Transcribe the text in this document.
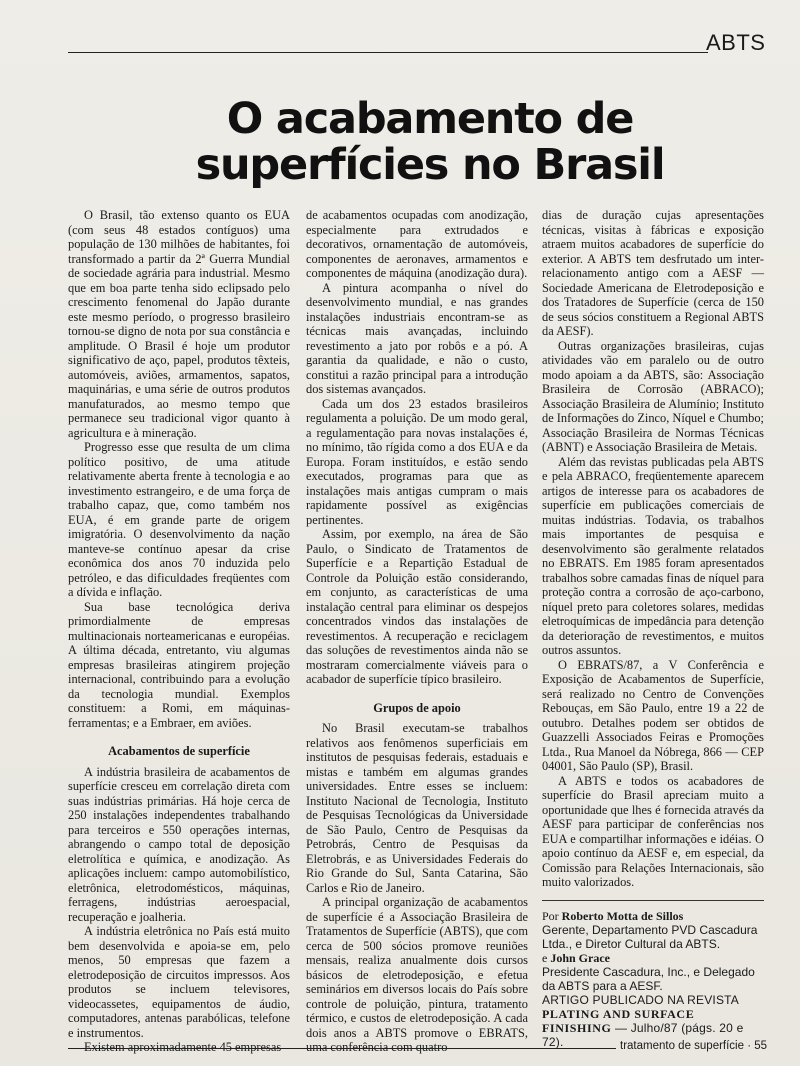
ABTS
O acabamento de
superfícies no Brasil

O Brasil, tão extenso quanto os EUA (com seus 48 estados contíguos) uma população de 130 milhões de habitantes, foi transformado a partir da 2ª Guerra Mundial de sociedade agrária para industrial. Mesmo que em boa parte tenha sido eclipsado pelo crescimento fenomenal do Japão durante este mesmo período, o progresso brasileiro tornou-se digno de nota por sua constância e amplitude. O Brasil é hoje um produtor significativo de aço, papel, produtos têxteis, automóveis, aviões, armamentos, sapatos, maquinárias, e uma série de outros produtos manufaturados, ao mesmo tempo que permanece seu tradicional vigor quanto à agricultura e à mineração.

Progresso esse que resulta de um clima político positivo, de uma atitude relativamente aberta frente à tecnologia e ao investimento estrangeiro, e de uma força de trabalho capaz, que, como também nos EUA, é em grande parte de origem imigratória. O desenvolvimento da nação manteve-se contínuo apesar da crise econômica dos anos 70 induzida pelo petróleo, e das dificuldades freqüentes com a dívida e inflação.

Sua base tecnológica deriva primordialmente de empresas multinacionais norteamericanas e européias. A última década, entretanto, viu algumas empresas brasileiras atingirem projeção internacional, contribuindo para a evolução da tecnologia mundial. Exemplos constituem: a Romi, em máquinas-ferramentas; e a Embraer, em aviões.

Acabamentos de superfície

A indústria brasileira de acabamentos de superfície cresceu em correlação direta com suas indústrias primárias. Há hoje cerca de 250 instalações independentes trabalhando para terceiros e 550 operações internas, abrangendo o campo total de deposição eletrolítica e química, e anodização. As aplicações incluem: campo automobilístico, eletrônica, eletrodomésticos, máquinas, ferragens, indústrias aeroespacial, recuperação e joalheria.

A indústria eletrônica no País está muito bem desenvolvida e apoia-se em, pelo menos, 50 empresas que fazem a eletrodeposição de circuitos impressos. Aos produtos se incluem televisores, videocassetes, equipamentos de áudio, computadores, antenas parabólicas, telefone e instrumentos.

Existem aproximadamente 45 empresas

de acabamentos ocupadas com anodização, especialmente para extrudados e decorativos, ornamentação de automóveis, componentes de aeronaves, armamentos e componentes de máquina (anodização dura).

A pintura acompanha o nível do desenvolvimento mundial, e nas grandes instalações industriais encontram-se as técnicas mais avançadas, incluindo revestimento a jato por robôs e a pó. A garantia da qualidade, e não o custo, constitui a razão principal para a introdução dos sistemas avançados.

Cada um dos 23 estados brasileiros regulamenta a poluição. De um modo geral, a regulamentação para novas instalações é, no mínimo, tão rígida como a dos EUA e da Europa. Foram instituídos, e estão sendo executados, programas para que as instalações mais antigas cumpram o mais rapidamente possível as exigências pertinentes.

Assim, por exemplo, na área de São Paulo, o Sindicato de Tratamentos de Superfície e a Repartição Estadual de Controle da Poluição estão considerando, em conjunto, as características de uma instalação central para eliminar os despejos concentrados vindos das instalações de revestimentos. A recuperação e reciclagem das soluções de revestimentos ainda não se mostraram comercialmente viáveis para o acabador de superfície típico brasileiro.

Grupos de apoio

No Brasil executam-se trabalhos relativos aos fenômenos superficiais em institutos de pesquisas federais, estaduais e mistas e também em algumas grandes universidades. Entre esses se incluem: Instituto Nacional de Tecnologia, Instituto de Pesquisas Tecnológicas da Universidade de São Paulo, Centro de Pesquisas da Petrobrás, Centro de Pesquisas da Eletrobrás, e as Universidades Federais do Rio Grande do Sul, Santa Catarina, São Carlos e Rio de Janeiro.

A principal organização de acabamentos de superfície é a Associação Brasileira de Tratamentos de Superfície (ABTS), que com cerca de 500 sócios promove reuniões mensais, realiza anualmente dois cursos básicos de eletrodeposição, e efetua seminários em diversos locais do País sobre controle de poluição, pintura, tratamento térmico, e custos de eletrodeposição. A cada dois anos a ABTS promove o EBRATS, uma conferência com quatro

dias de duração cujas apresentações técnicas, visitas à fábricas e exposição atraem muitos acabadores de superfície do exterior. A ABTS tem desfrutado um inter-relacionamento antigo com a AESF — Sociedade Americana de Eletrodeposição e dos Tratadores de Superfície (cerca de 150 de seus sócios constituem a Regional ABTS da AESF).

Outras organizações brasileiras, cujas atividades vão em paralelo ou de outro modo apoiam a da ABTS, são: Associação Brasileira de Corrosão (ABRACO); Associação Brasileira de Alumínio; Instituto de Informações do Zinco, Níquel e Chumbo; Associação Brasileira de Normas Técnicas (ABNT) e Associação Brasileira de Metais.

Além das revistas publicadas pela ABTS e pela ABRACO, freqüentemente aparecem artigos de interesse para os acabadores de superfície em publicações comerciais de muitas indústrias. Todavia, os trabalhos mais importantes de pesquisa e desenvolvimento são geralmente relatados no EBRATS. Em 1985 foram apresentados trabalhos sobre camadas finas de níquel para proteção contra a corrosão de aço-carbono, níquel preto para coletores solares, medidas eletroquímicas de impedância para detenção da deterioração de revestimentos, e muitos outros assuntos.

O EBRATS/87, a V Conferência e Exposição de Acabamentos de Superfície, será realizado no Centro de Convenções Rebouças, em São Paulo, entre 19 a 22 de outubro. Detalhes podem ser obtidos de Guazzelli Associados Feiras e Promoções Ltda., Rua Manoel da Nóbrega, 866 — CEP 04001, São Paulo (SP), Brasil.

A ABTS e todos os acabadores de superfície do Brasil apreciam muito a oportunidade que lhes é fornecida através da AESF para participar de conferências nos EUA e compartilhar informações e idéias. O apoio contínuo da AESF e, em especial, da Comissão para Relações Internacionais, são muito valorizados.

Por Roberto Motta de Sillos

Gerente, Departamento PVD Cascadura Ltda., e Diretor Cultural da ABTS.

e John Grace

Presidente Cascadura, Inc., e Delegado da ABTS para a AESF.

ARTIGO PUBLICADO NA REVISTA PLATING AND SURFACE FINISHING — Julho/87 (págs. 20 e 72).	tratamento de superfície · 55
